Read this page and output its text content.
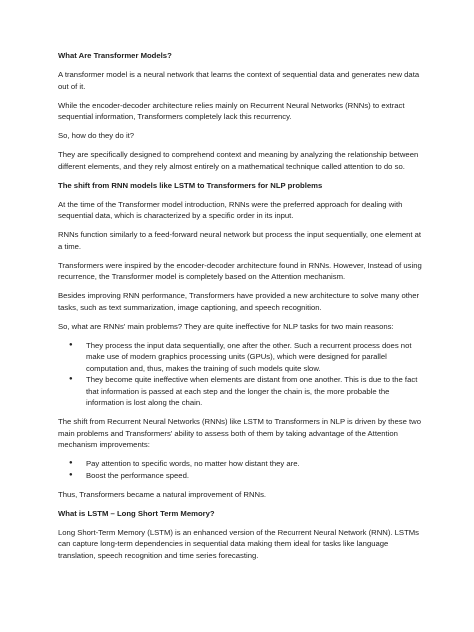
What Are Transformer Models?

A transformer model is a neural network that learns the context of sequential data and generates new data out of it.

While the encoder-decoder architecture relies mainly on Recurrent Neural Networks (RNNs) to extract sequential information, Transformers completely lack this recurrency.

So, how do they do it?

They are specifically designed to comprehend context and meaning by analyzing the relationship between different elements, and they rely almost entirely on a mathematical technique called attention to do so.

The shift from RNN models like LSTM to Transformers for NLP problems

At the time of the Transformer model introduction, RNNs were the preferred approach for dealing with sequential data, which is characterized by a specific order in its input.

RNNs function similarly to a feed-forward neural network but process the input sequentially, one element at a time.

Transformers were inspired by the encoder-decoder architecture found in RNNs. However, Instead of using recurrence, the Transformer model is completely based on the Attention mechanism.

Besides improving RNN performance, Transformers have provided a new architecture to solve many other tasks, such as text summarization, image captioning, and speech recognition.

So, what are RNNs' main problems? They are quite ineffective for NLP tasks for two main reasons:

● They process the input data sequentially, one after the other. Such a recurrent process does not make use of modern graphics processing units (GPUs), which were designed for parallel computation and, thus, makes the training of such models quite slow.
● They become quite ineffective when elements are distant from one another. This is due to the fact that information is passed at each step and the longer the chain is, the more probable the information is lost along the chain.

The shift from Recurrent Neural Networks (RNNs) like LSTM to Transformers in NLP is driven by these two main problems and Transformers' ability to assess both of them by taking advantage of the Attention mechanism improvements:

● Pay attention to specific words, no matter how distant they are.
● Boost the performance speed.

Thus, Transformers became a natural improvement of RNNs.

What is LSTM – Long Short Term Memory?

Long Short-Term Memory (LSTM) is an enhanced version of the Recurrent Neural Network (RNN). LSTMs can capture long-term dependencies in sequential data making them ideal for tasks like language translation, speech recognition and time series forecasting.
